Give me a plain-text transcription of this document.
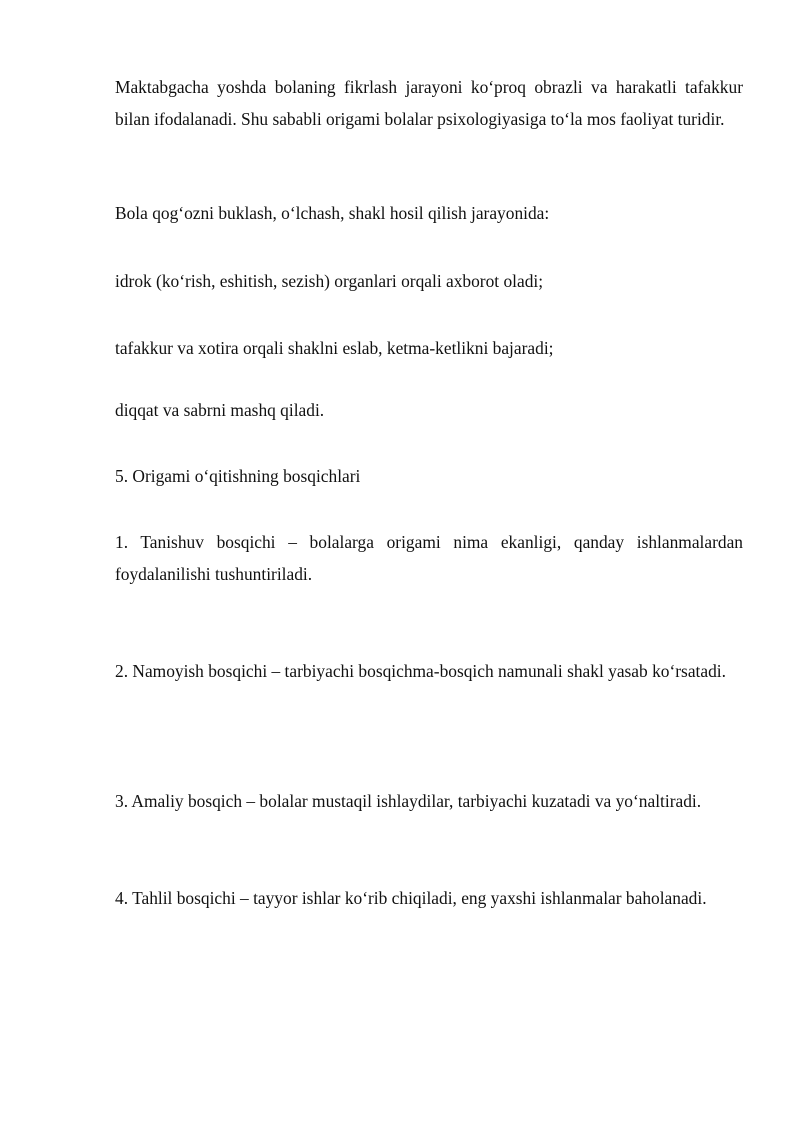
Maktabgacha yoshda bolaning fikrlash jarayoni ko‘proq obrazli va harakatli tafakkur bilan ifodalanadi. Shu sababli origami bolalar psixologiyasiga to‘la mos faoliyat turidir.

Bola qog‘ozni buklash, o‘lchash, shakl hosil qilish jarayonida:

idrok (ko‘rish, eshitish, sezish) organlari orqali axborot oladi;

tafakkur va xotira orqali shaklni eslab, ketma-ketlikni bajaradi;

diqqat va sabrni mashq qiladi.

5. Origami o‘qitishning bosqichlari

1. Tanishuv bosqichi – bolalarga origami nima ekanligi, qanday ishlanmalardan foydalanilishi tushuntiriladi.

2. Namoyish bosqichi – tarbiyachi bosqichma-bosqich namunali shakl yasab ko‘rsatadi.

3. Amaliy bosqich – bolalar mustaqil ishlaydilar, tarbiyachi kuzatadi va yo‘naltiradi.

4. Tahlil bosqichi – tayyor ishlar ko‘rib chiqiladi, eng yaxshi ishlanmalar baholanadi.
